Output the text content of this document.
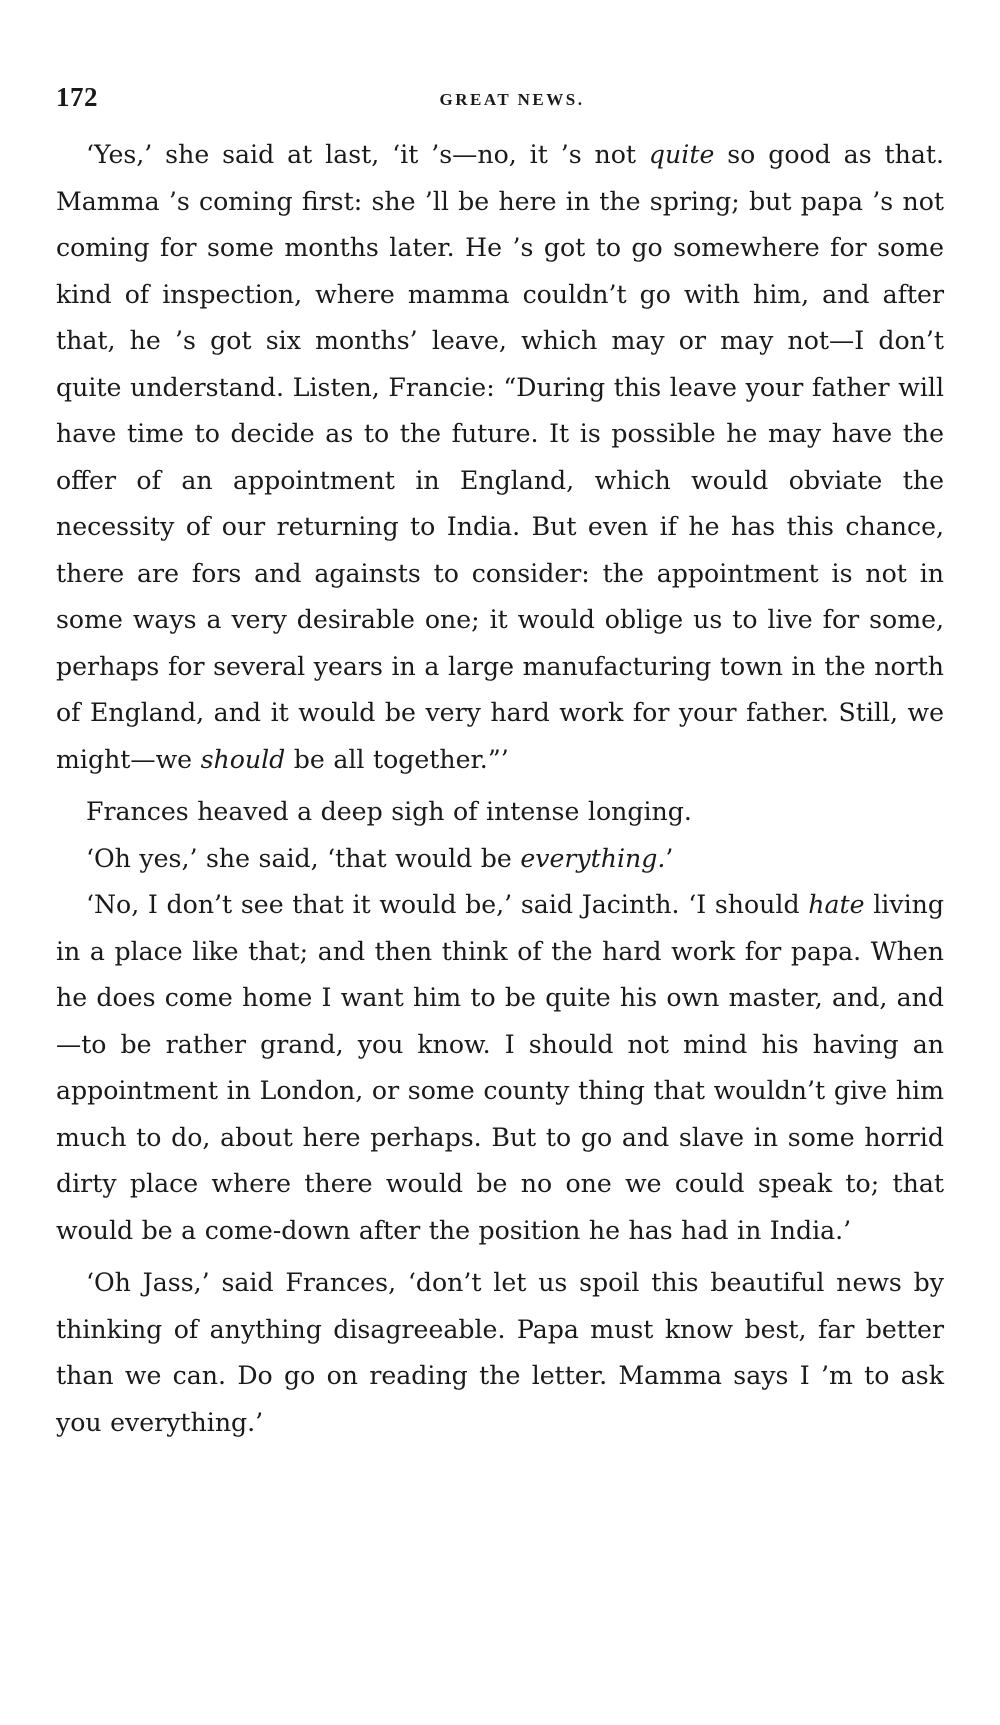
172	GREAT NEWS.

‘Yes,’ she said at last, ‘it ’s—no, it ’s not quite so good as that. Mamma ’s coming first: she ’ll be here in the spring; but papa ’s not coming for some months later. He ’s got to go somewhere for some kind of inspection, where mamma couldn’t go with him, and after that, he ’s got six months’ leave, which may or may not—I don’t quite understand. Listen, Francie: “During this leave your father will have time to decide as to the future. It is possible he may have the offer of an appointment in England, which would obviate the necessity of our returning to India. But even if he has this chance, there are fors and againsts to consider: the appointment is not in some ways a very desirable one; it would oblige us to live for some, perhaps for several years in a large manufacturing town in the north of England, and it would be very hard work for your father. Still, we might—we should be all together.”’

Frances heaved a deep sigh of intense longing.

‘Oh yes,’ she said, ‘that would be everything.’

‘No, I don’t see that it would be,’ said Jacinth. ‘I should hate living in a place like that; and then think of the hard work for papa. When he does come home I want him to be quite his own master, and, and—to be rather grand, you know. I should not mind his having an appointment in London, or some county thing that wouldn’t give him much to do, about here perhaps. But to go and slave in some horrid dirty place where there would be no one we could speak to; that would be a come-down after the position he has had in India.’

‘Oh Jass,’ said Frances, ‘don’t let us spoil this beautiful news by thinking of anything disagreeable. Papa must know best, far better than we can. Do go on reading the letter. Mamma says I ’m to ask you everything.’
